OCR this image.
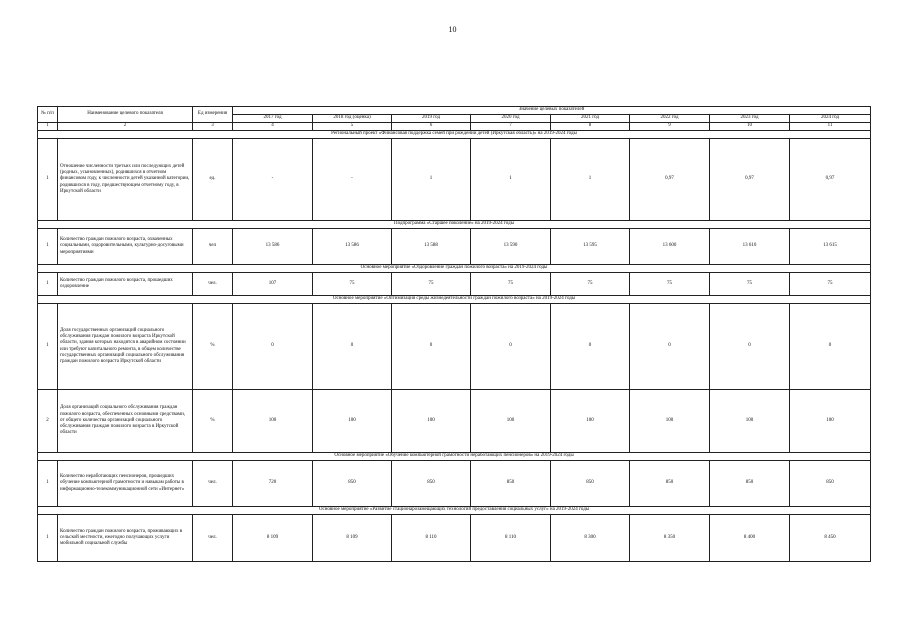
10
№ п/п	Наименование целевого показателя	Ед измерения	Значение целевых показателей							
			2017 год	2018 год (оценка)	2019 год	2020 год	2021 год	2022 год	2023 год	2024 год
1	2	3	4	5	6	7	8	9	10	11
Региональный проект «Финансовая поддержка семей при рождении детей (Иркутская область)» на 2019-2024 годы										
1	Отношение численности третьих или последующих детей (родных, усыновленных), родившихся в отчетном финансовом году, к численности детей указанной категории, родившихся в году, предшествующем отчетному году, в Иркутской области	ед.	-	-	1	1	1	0,97	0,97	0,97
Подпрограмма «Старшее поколение» на 2019-2024 годы										
1	Количество граждан пожилого возраста, охваченных социальными, оздоровительными, культурно-досуговыми мероприятиями	чел	13 586	13 586	13 588	13 590	13 595	13 600	13 610	13 615
Основное мероприятие «Оздоровление граждан пожилого возраста» на 2019-2024 годы										
1	Количество граждан пожилого возраста, прошедших оздоровление	чел.	107	75	75	75	75	75	75	75
Основное мероприятие «Оптимизация среды жизнедеятельности граждан пожилого возраста» на 2019-2024 годы										
1	Доля государственных организаций социального обслуживания граждан пожилого возраста Иркутской области, здания которых находятся в аварийном состоянии или требуют капитального ремонта, в общем количестве государственных организаций социального обслуживания граждан пожилого возраста Иркутской области	%	0	0	0	0	0	0	0	0
2	Доля организаций социального обслуживания граждан пожилого возраста, обеспеченных основными средствами, от общего количества организаций социального обслуживания граждан пожилого возраста в Иркутской области	%	100	100	100	100	100	100	100	100
Основное мероприятие «Обучение компьютерной грамотности неработающих пенсионеров» на 2019-2024 годы										
1	Количество неработающих пенсионеров, прошедших обучение компьютерной грамотности и навыкам работы в информационно-телекоммуникационной сети «Интернет»	чел.	720	850	850	850	850	850	850	850
Основное мероприятие «Развитие стационарозамещающих технологий предоставления социальных услуг» на 2019-2024 годы										
1	Количество граждан пожилого возраста, проживающих в сельской местности, ежегодно получающих услуги мобильной социальной службы	чел.	8 109	8 109	8 110	8 110	8 300	8 350	8 400	8 450
